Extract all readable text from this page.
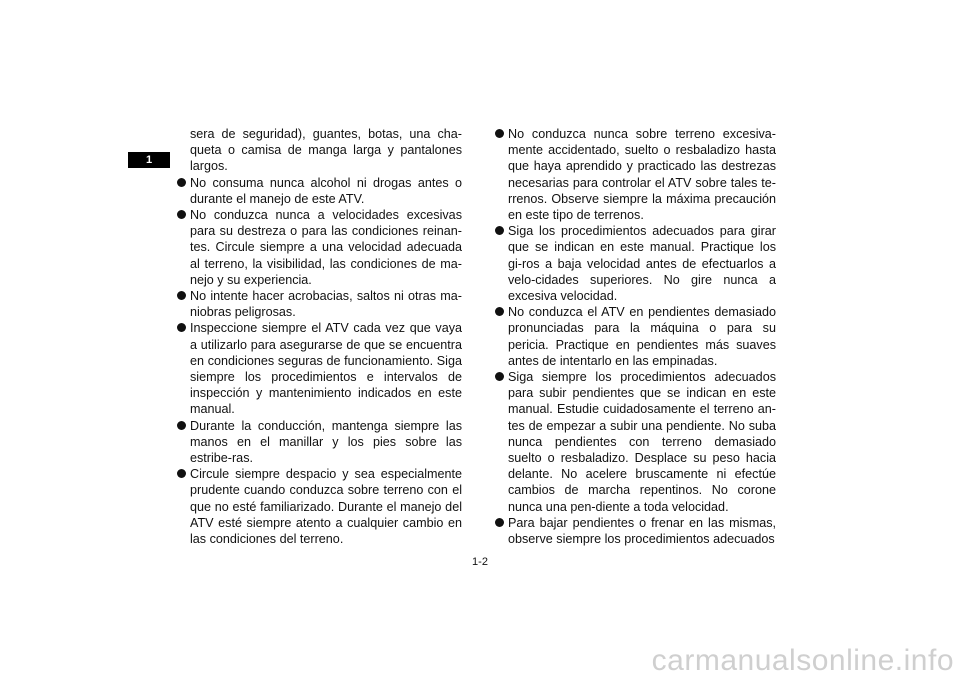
1

sera de seguridad), guantes, botas, una cha-queta o camisa de manga larga y pantalones largos.

No consuma nunca alcohol ni drogas antes o durante el manejo de este ATV.
No conduzca nunca a velocidades excesivas para su destreza o para las condiciones reinan-tes. Circule siempre a una velocidad adecuada al terreno, la visibilidad, las condiciones de ma-nejo y su experiencia.
No intente hacer acrobacias, saltos ni otras ma-niobras peligrosas.
Inspeccione siempre el ATV cada vez que vaya a utilizarlo para asegurarse de que se encuentra en condiciones seguras de funcionamiento. Siga siempre los procedimientos e intervalos de inspección y mantenimiento indicados en este manual.
Durante la conducción, mantenga siempre las manos en el manillar y los pies sobre las estribe-ras.
Circule siempre despacio y sea especialmente prudente cuando conduzca sobre terreno con el que no esté familiarizado. Durante el manejo del ATV esté siempre atento a cualquier cambio en las condiciones del terreno.
No conduzca nunca sobre terreno excesiva-mente accidentado, suelto o resbaladizo hasta que haya aprendido y practicado las destrezas necesarias para controlar el ATV sobre tales te-rrenos. Observe siempre la máxima precaución en este tipo de terrenos.
Siga los procedimientos adecuados para girar que se indican en este manual. Practique los gi-ros a baja velocidad antes de efectuarlos a velo-cidades superiores. No gire nunca a excesiva velocidad.
No conduzca el ATV en pendientes demasiado pronunciadas para la máquina o para su pericia. Practique en pendientes más suaves antes de intentarlo en las empinadas.
Siga siempre los procedimientos adecuados para subir pendientes que se indican en este manual. Estudie cuidadosamente el terreno an-tes de empezar a subir una pendiente. No suba nunca pendientes con terreno demasiado suelto o resbaladizo. Desplace su peso hacia delante. No acelere bruscamente ni efectúe cambios de marcha repentinos. No corone nunca una pen-diente a toda velocidad.
Para bajar pendientes o frenar en las mismas, observe siempre los procedimientos adecuados
1-2
carmanualsonline.info
